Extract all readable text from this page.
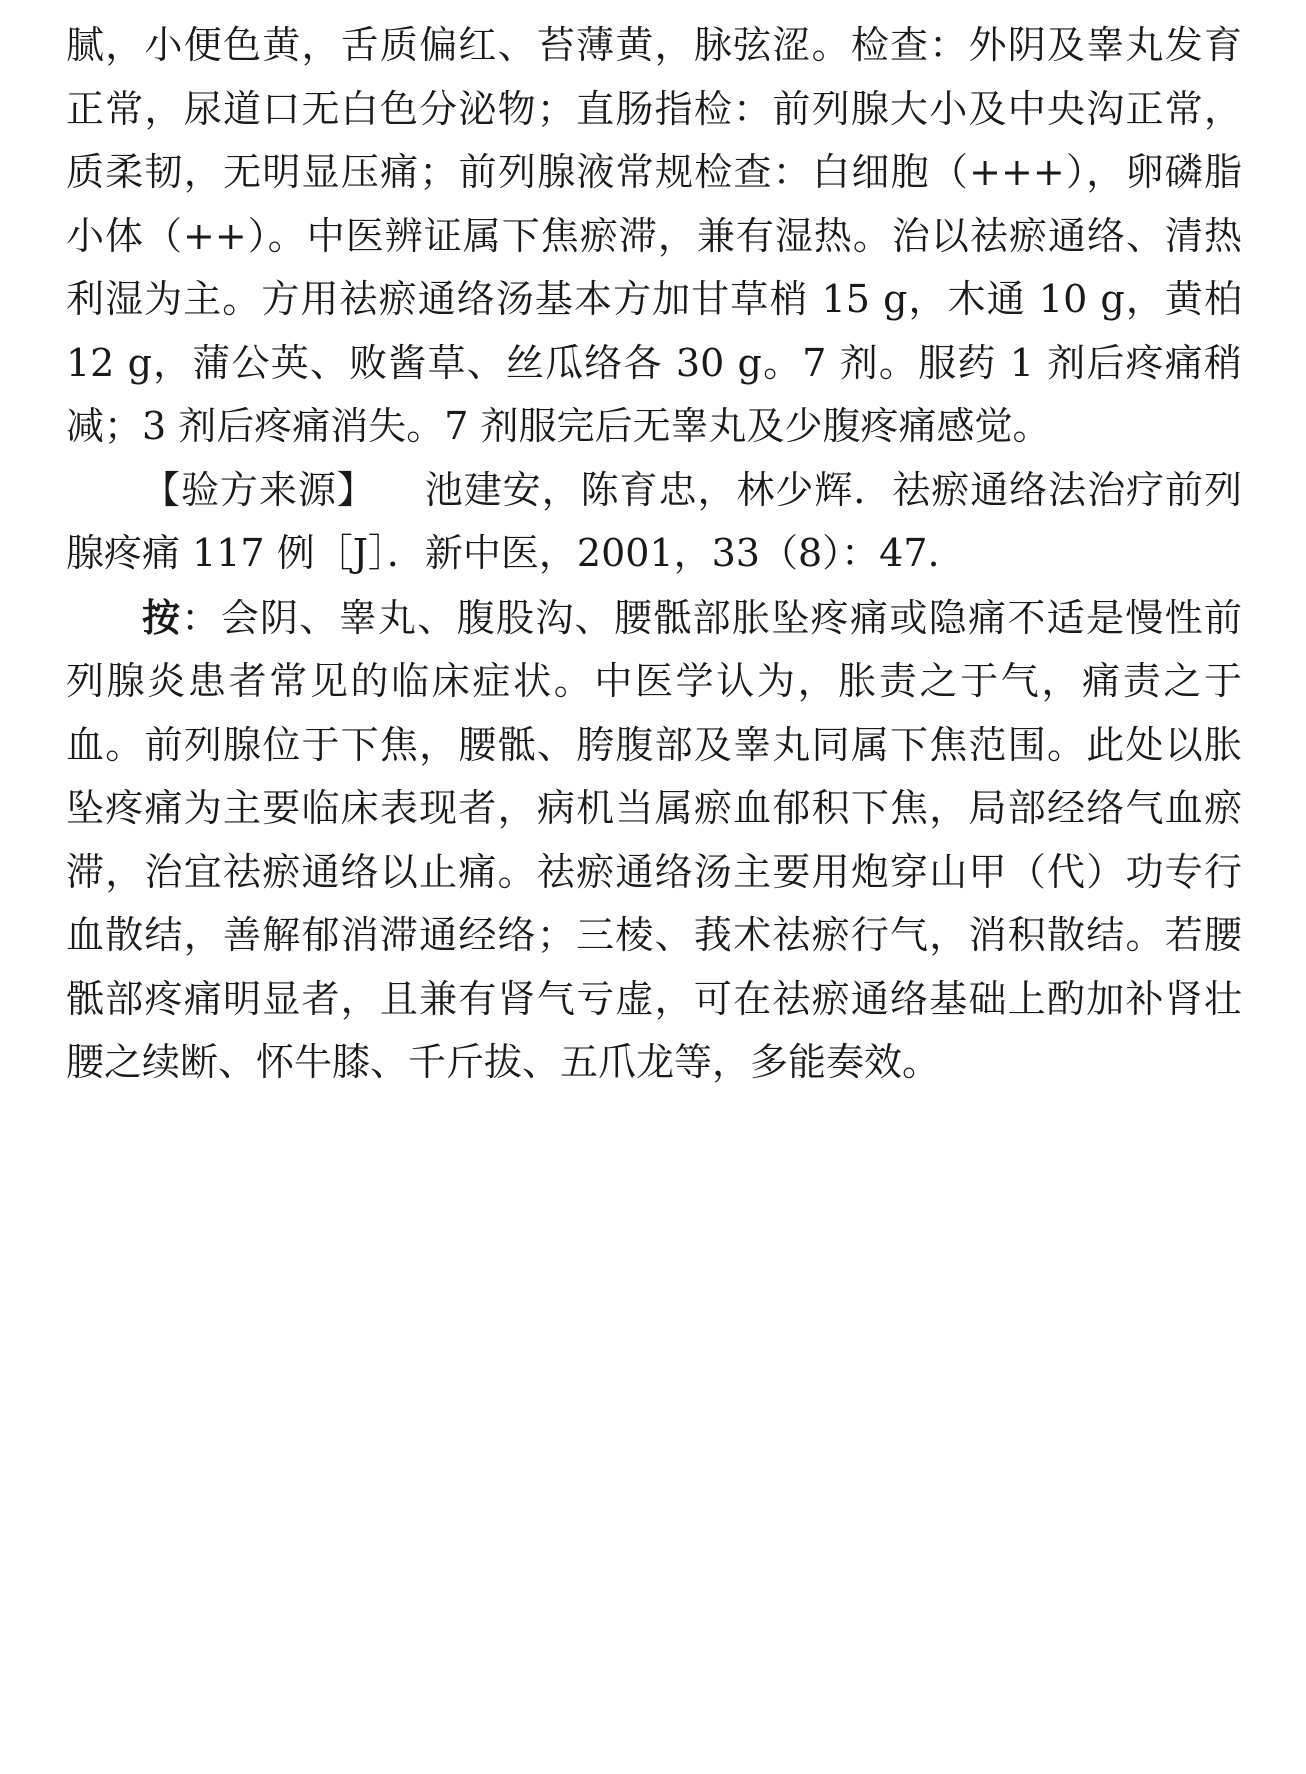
腻，小便色黄，舌质偏红、苔薄黄，脉弦涩。检查：外阴及睾丸发育正常，尿道口无白色分泌物；直肠指检：前列腺大小及中央沟正常，质柔韧，无明显压痛；前列腺液常规检查：白细胞（+++），卵磷脂小体（++）。中医辨证属下焦瘀滞，兼有湿热。治以祛瘀通络、清热利湿为主。方用祛瘀通络汤基本方加甘草梢 15 g，木通 10 g，黄柏 12 g，蒲公英、败酱草、丝瓜络各 30 g。7 剂。服药 1 剂后疼痛稍减；3 剂后疼痛消失。7 剂服完后无睾丸及少腹疼痛感觉。

【验方来源】 池建安，陈育忠，林少辉．祛瘀通络法治疗前列腺疼痛 117 例［J］．新中医，2001，33（8）：47.

按：会阴、睾丸、腹股沟、腰骶部胀坠疼痛或隐痛不适是慢性前列腺炎患者常见的临床症状。中医学认为，胀责之于气，痛责之于血。前列腺位于下焦，腰骶、胯腹部及睾丸同属下焦范围。此处以胀坠疼痛为主要临床表现者，病机当属瘀血郁积下焦，局部经络气血瘀滞，治宜祛瘀通络以止痛。祛瘀通络汤主要用炮穿山甲（代）功专行血散结，善解郁消滞通经络；三棱、莪术祛瘀行气，消积散结。若腰骶部疼痛明显者，且兼有肾气亏虚，可在祛瘀通络基础上酌加补肾壮腰之续断、怀牛膝、千斤拔、五爪龙等，多能奏效。
